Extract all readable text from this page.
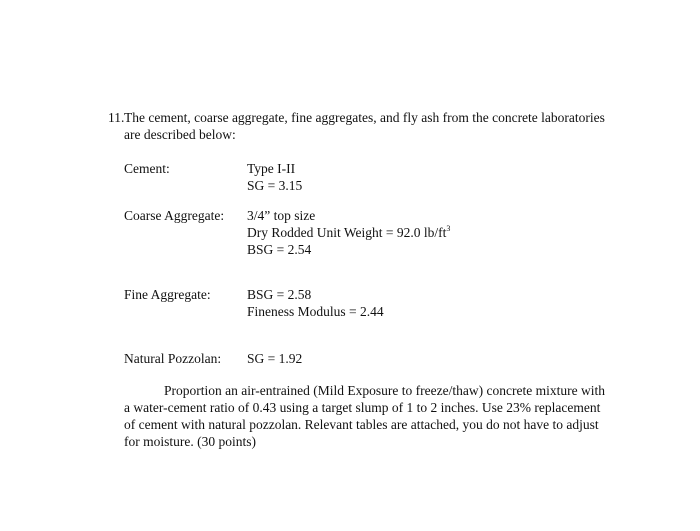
11. The cement, coarse aggregate, fine aggregates, and fly ash from the concrete laboratories
are described below:
Cement:	Type I-II
SG = 3.15
Coarse Aggregate: 3/4” top size
Dry Rodded Unit Weight = 92.0 $lb/ft^3$
BSG = 2.54
Fine Aggregate:	BSG = 2.58
Fineness Modulus = 2.44
Natural Pozzolan: SG = 1.92
Proportion an air-entrained (Mild Exposure to freeze/thaw) concrete mixture with
a water-cement ratio of 0.43 using a target slump of 1 to 2 inches. Use 23% replacement
of cement with natural pozzolan. Relevant tables are attached, you do not have to adjust
for moisture. (30 points)
